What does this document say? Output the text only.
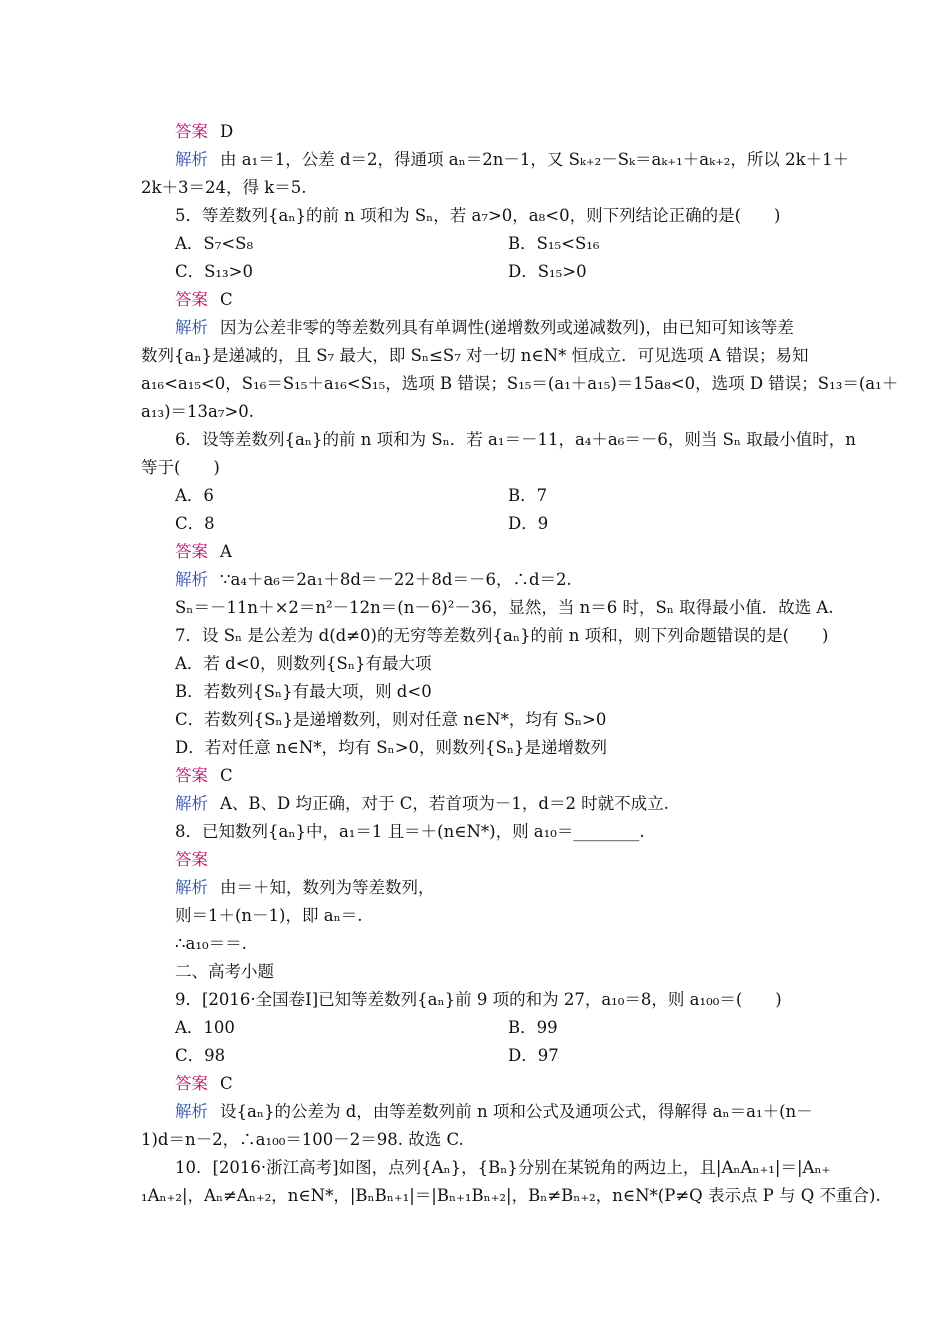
答案 D
解析 由 a₁＝1，公差 d＝2，得通项 aₙ＝2n－1，又 Sₖ₊₂－Sₖ＝aₖ₊₁＋aₖ₊₂，所以 2k＋1＋
2k＋3＝24，得 k＝5.
5．等差数列{aₙ}的前 n 项和为 Sₙ，若 a₇>0，a₈<0，则下列结论正确的是(　　)
A．S₇<S₈	B．S₁₅<S₁₆
C．S₁₃>0	D．S₁₅>0
答案 C
解析 因为公差非零的等差数列具有单调性(递增数列或递减数列)，由已知可知该等差
数列{aₙ}是递减的，且 S₇ 最大，即 Sₙ≤S₇ 对一切 n∈N* 恒成立．可见选项 A 错误；易知
a₁₆<a₁₅<0，S₁₆＝S₁₅＋a₁₆<S₁₅，选项 B 错误；S₁₅＝(a₁＋a₁₅)＝15a₈<0，选项 D 错误；S₁₃＝(a₁＋
a₁₃)＝13a₇>0.
6．设等差数列{aₙ}的前 n 项和为 Sₙ．若 a₁＝－11，a₄＋a₆＝－6，则当 Sₙ 取最小值时，n
等于(　　)
A．6	B．7
C．8	D．9
答案 A
解析 ∵a₄＋a₆＝2a₁＋8d＝－22＋8d＝－6，∴d＝2.
Sₙ＝－11n＋×2＝n²－12n＝(n－6)²－36，显然，当 n＝6 时，Sₙ 取得最小值．故选 A.
7．设 Sₙ 是公差为 d(d≠0)的无穷等差数列{aₙ}的前 n 项和，则下列命题错误的是(　　)
A．若 d<0，则数列{Sₙ}有最大项
B．若数列{Sₙ}有最大项，则 d<0
C．若数列{Sₙ}是递增数列，则对任意 n∈N*，均有 Sₙ>0
D．若对任意 n∈N*，均有 Sₙ>0，则数列{Sₙ}是递增数列
答案 C
解析 A、B、D 均正确，对于 C，若首项为－1，d＝2 时就不成立.
8．已知数列{aₙ}中，a₁＝1 且＝＋(n∈N*)，则 a₁₀＝________.
答案
解析 由＝＋知，数列为等差数列，
则＝1＋(n－1)，即 aₙ＝.
∴a₁₀＝＝.
二、高考小题
9．[2016·全国卷Ⅰ]已知等差数列{aₙ}前 9 项的和为 27，a₁₀＝8，则 a₁₀₀＝(　　)
A．100	B．99
C．98	D．97
答案 C
解析 设{aₙ}的公差为 d，由等差数列前 n 项和公式及通项公式，得解得 aₙ＝a₁＋(n－
1)d＝n－2，∴a₁₀₀＝100－2＝98. 故选 C.
10．[2016·浙江高考]如图，点列{Aₙ}，{Bₙ}分别在某锐角的两边上，且|AₙAₙ₊₁|＝|Aₙ₊
₁Aₙ₊₂|，Aₙ≠Aₙ₊₂，n∈N*，|BₙBₙ₊₁|＝|Bₙ₊₁Bₙ₊₂|，Bₙ≠Bₙ₊₂，n∈N*(P≠Q 表示点 P 与 Q 不重合).
